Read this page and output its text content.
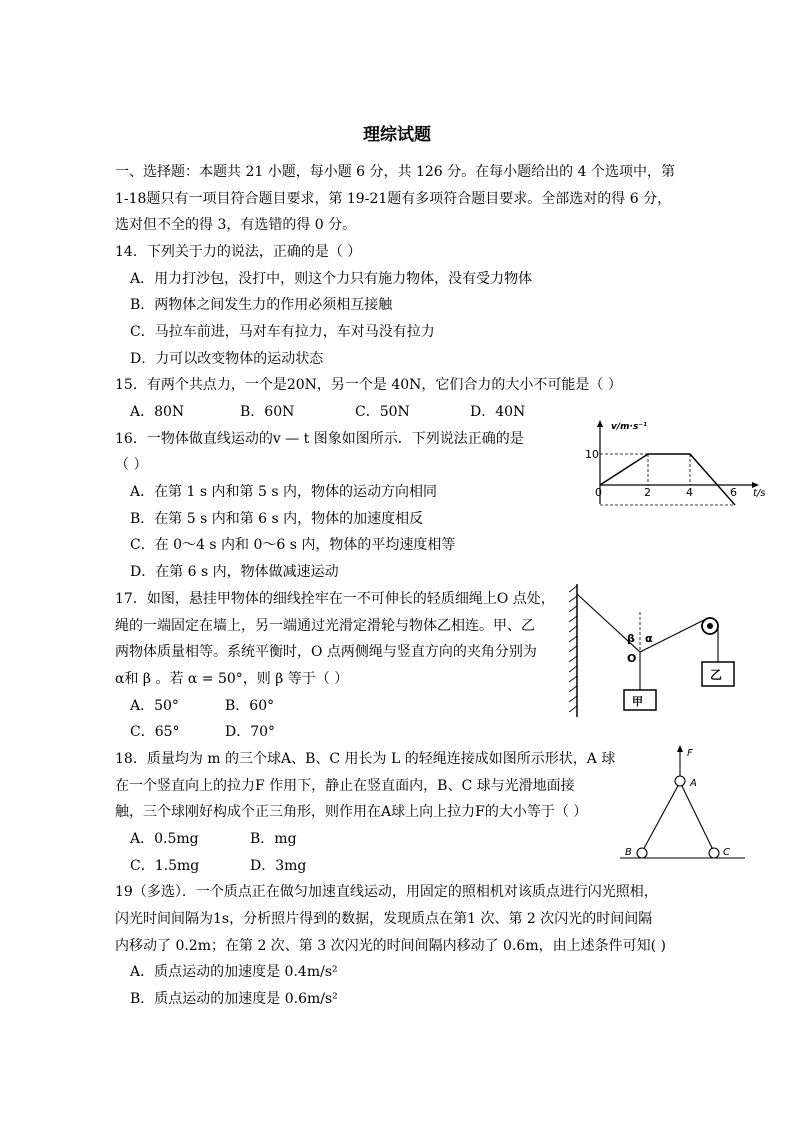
理综试题
一、选择题：本题共 21 小题，每小题 6 分，共 126 分。在每小题给出的 4 个选项中，第
1-18题只有一项目符合题目要求，第 19-21题有多项符合题目要求。全部选对的得 6 分，
选对但不全的得 3，有选错的得 0 分。
14．下列关于力的说法，正确的是（ ）
A．用力打沙包，没打中，则这个力只有施力物体，没有受力物体
B．两物体之间发生力的作用必须相互接触
C．马拉车前进，马对车有拉力，车对马没有拉力
D．力可以改变物体的运动状态
15．有两个共点力，一个是20N，另一个是 40N，它们合力的大小不可能是（ ）
A．80N	B．60N	C．50N	D．40N
16．一物体做直线运动的v — t 图象如图所示．下列说法正确的是
（ ）
A．在第 1 s 内和第 5 s 内，物体的运动方向相同
B．在第 5 s 内和第 6 s 内，物体的加速度相反
C．在 0～4 s 内和 0～6 s 内，物体的平均速度相等
D．在第 6 s 内，物体做减速运动
v/m·s⁻¹
t/s
10
0	2	4	6
17．如图，悬挂甲物体的细线拴牢在一不可伸长的轻质细绳上O 点处，
绳的一端固定在墙上，另一端通过光滑定滑轮与物体乙相连。甲、乙
两物体质量相等。系统平衡时，O 点两侧绳与竖直方向的夹角分别为
α和 β 。若 α = 50°，则 β 等于（ ）
A．50°	B．60°
C．65°	D．70°
乙
甲
β α
O
18．质量均为 m 的三个球A、B、C 用长为 L 的轻绳连接成如图所示形状，A 球
在一个竖直向上的拉力F 作用下，静止在竖直面内，B、C 球与光滑地面接
触，三个球刚好构成个正三角形，则作用在A球上向上拉力F的大小等于（ ）
A．0.5mg	B．mg
C．1.5mg	D．3mg
F
A
B	C
19（多选）．一个质点正在做匀加速直线运动，用固定的照相机对该质点进行闪光照相，
闪光时间间隔为1s，分析照片得到的数据，发现质点在第1 次、第 2 次闪光的时间间隔
内移动了 0.2m；在第 2 次、第 3 次闪光的时间间隔内移动了 0.6m，由上述条件可知( )
A．质点运动的加速度是 0.4m/s²
B．质点运动的加速度是 0.6m/s²
